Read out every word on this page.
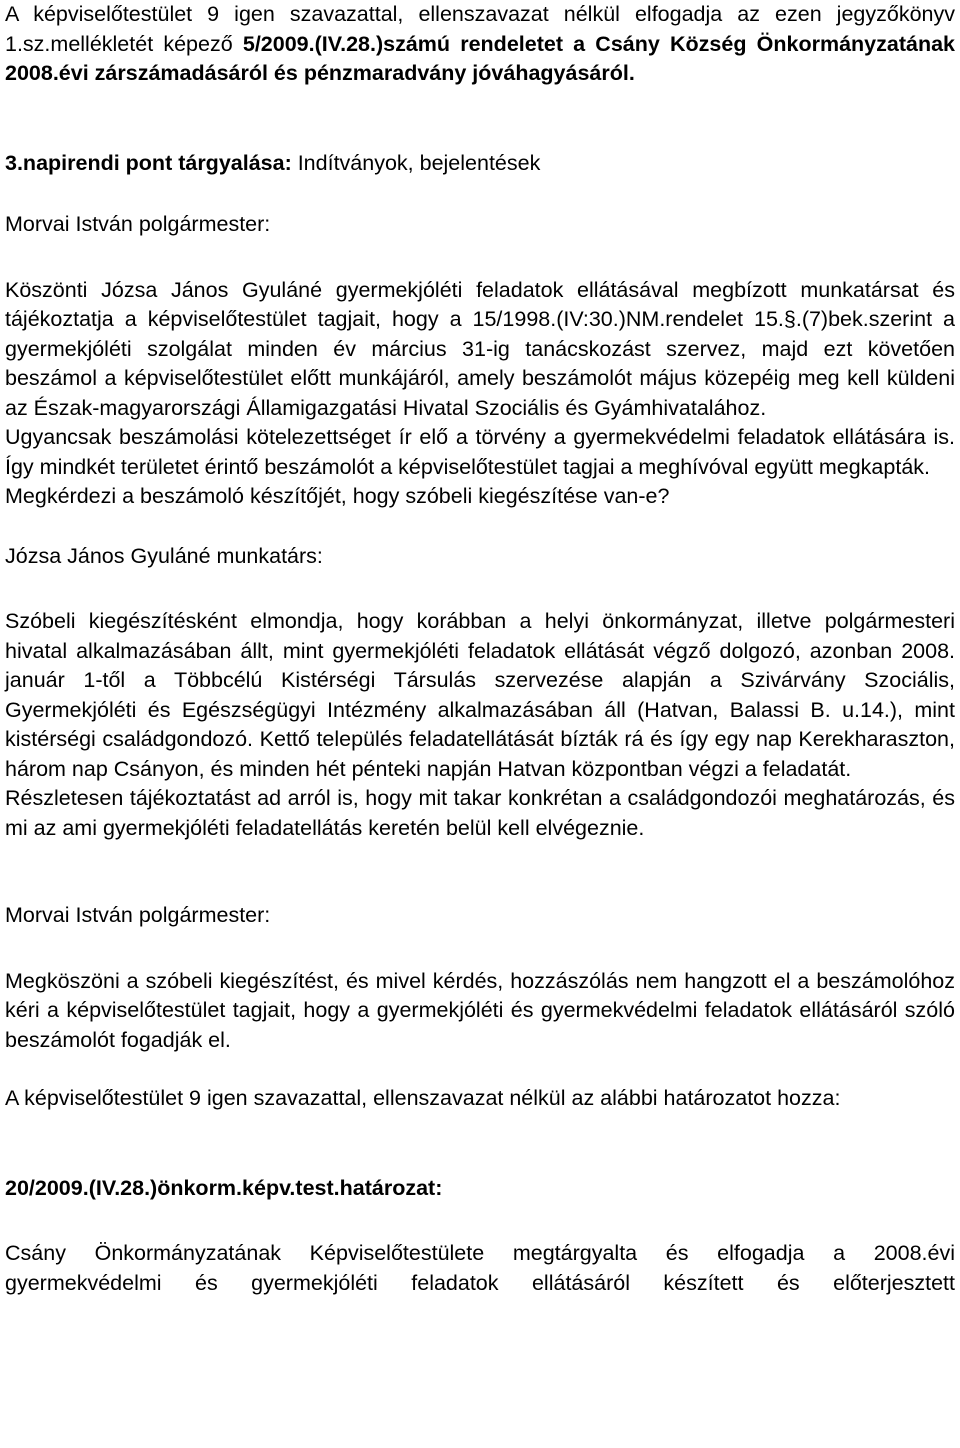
A képviselőtestület 9 igen szavazattal, ellenszavazat nélkül elfogadja az ezen jegyzőkönyv 1.sz.mellékletét képező 5/2009.(IV.28.)számú rendeletet a Csány Község Önkormányzatának 2008.évi zárszámadásáról és pénzmaradvány jóváhagyásáról.

3.napirendi pont tárgyalása: Indítványok, bejelentések

Morvai István polgármester:

Köszönti Józsa János Gyuláné gyermekjóléti feladatok ellátásával megbízott munkatársat és tájékoztatja a képviselőtestület tagjait, hogy a 15/1998.(IV:30.)NM.rendelet 15.§.(7)bek.szerint a gyermekjóléti szolgálat minden év március 31-ig tanácskozást szervez, majd ezt követően beszámol a képviselőtestület előtt munkájáról, amely beszámolót május közepéig meg kell küldeni az Észak-magyarországi Államigazgatási Hivatal Szociális és Gyámhivatalához.

Ugyancsak beszámolási kötelezettséget ír elő a törvény a gyermekvédelmi feladatok ellátására is. Így mindkét területet érintő beszámolót a képviselőtestület tagjai a meghívóval együtt megkapták.

Megkérdezi a beszámoló készítőjét, hogy szóbeli kiegészítése van-e?

Józsa János Gyuláné munkatárs:

Szóbeli kiegészítésként elmondja, hogy korábban a helyi önkormányzat, illetve polgármesteri hivatal alkalmazásában állt, mint gyermekjóléti feladatok ellátását végző dolgozó, azonban 2008. január 1-től a Többcélú Kistérségi Társulás szervezése alapján a Szivárvány Szociális, Gyermekjóléti és Egészségügyi Intézmény alkalmazásában áll (Hatvan, Balassi B. u.14.), mint kistérségi családgondozó. Kettő település feladatellátását bízták rá és így egy nap Kerekharaszton, három nap Csányon, és minden hét pénteki napján Hatvan központban végzi a feladatát.

Részletesen tájékoztatást ad arról is, hogy mit takar konkrétan a családgondozói meghatározás, és mi az ami gyermekjóléti feladatellátás keretén belül kell elvégeznie.

Morvai István polgármester:

Megköszöni a szóbeli kiegészítést, és mivel kérdés, hozzászólás nem hangzott el a beszámolóhoz kéri a képviselőtestület tagjait, hogy a gyermekjóléti és gyermekvédelmi feladatok ellátásáról szóló beszámolót fogadják el.

A képviselőtestület 9 igen szavazattal, ellenszavazat nélkül az alábbi határozatot hozza:

20/2009.(IV.28.)önkorm.képv.test.határozat:

Csány Önkormányzatának Képviselőtestülete megtárgyalta és elfogadja a 2008.évi gyermekvédelmi és gyermekjóléti feladatok ellátásáról készített és előterjesztett
